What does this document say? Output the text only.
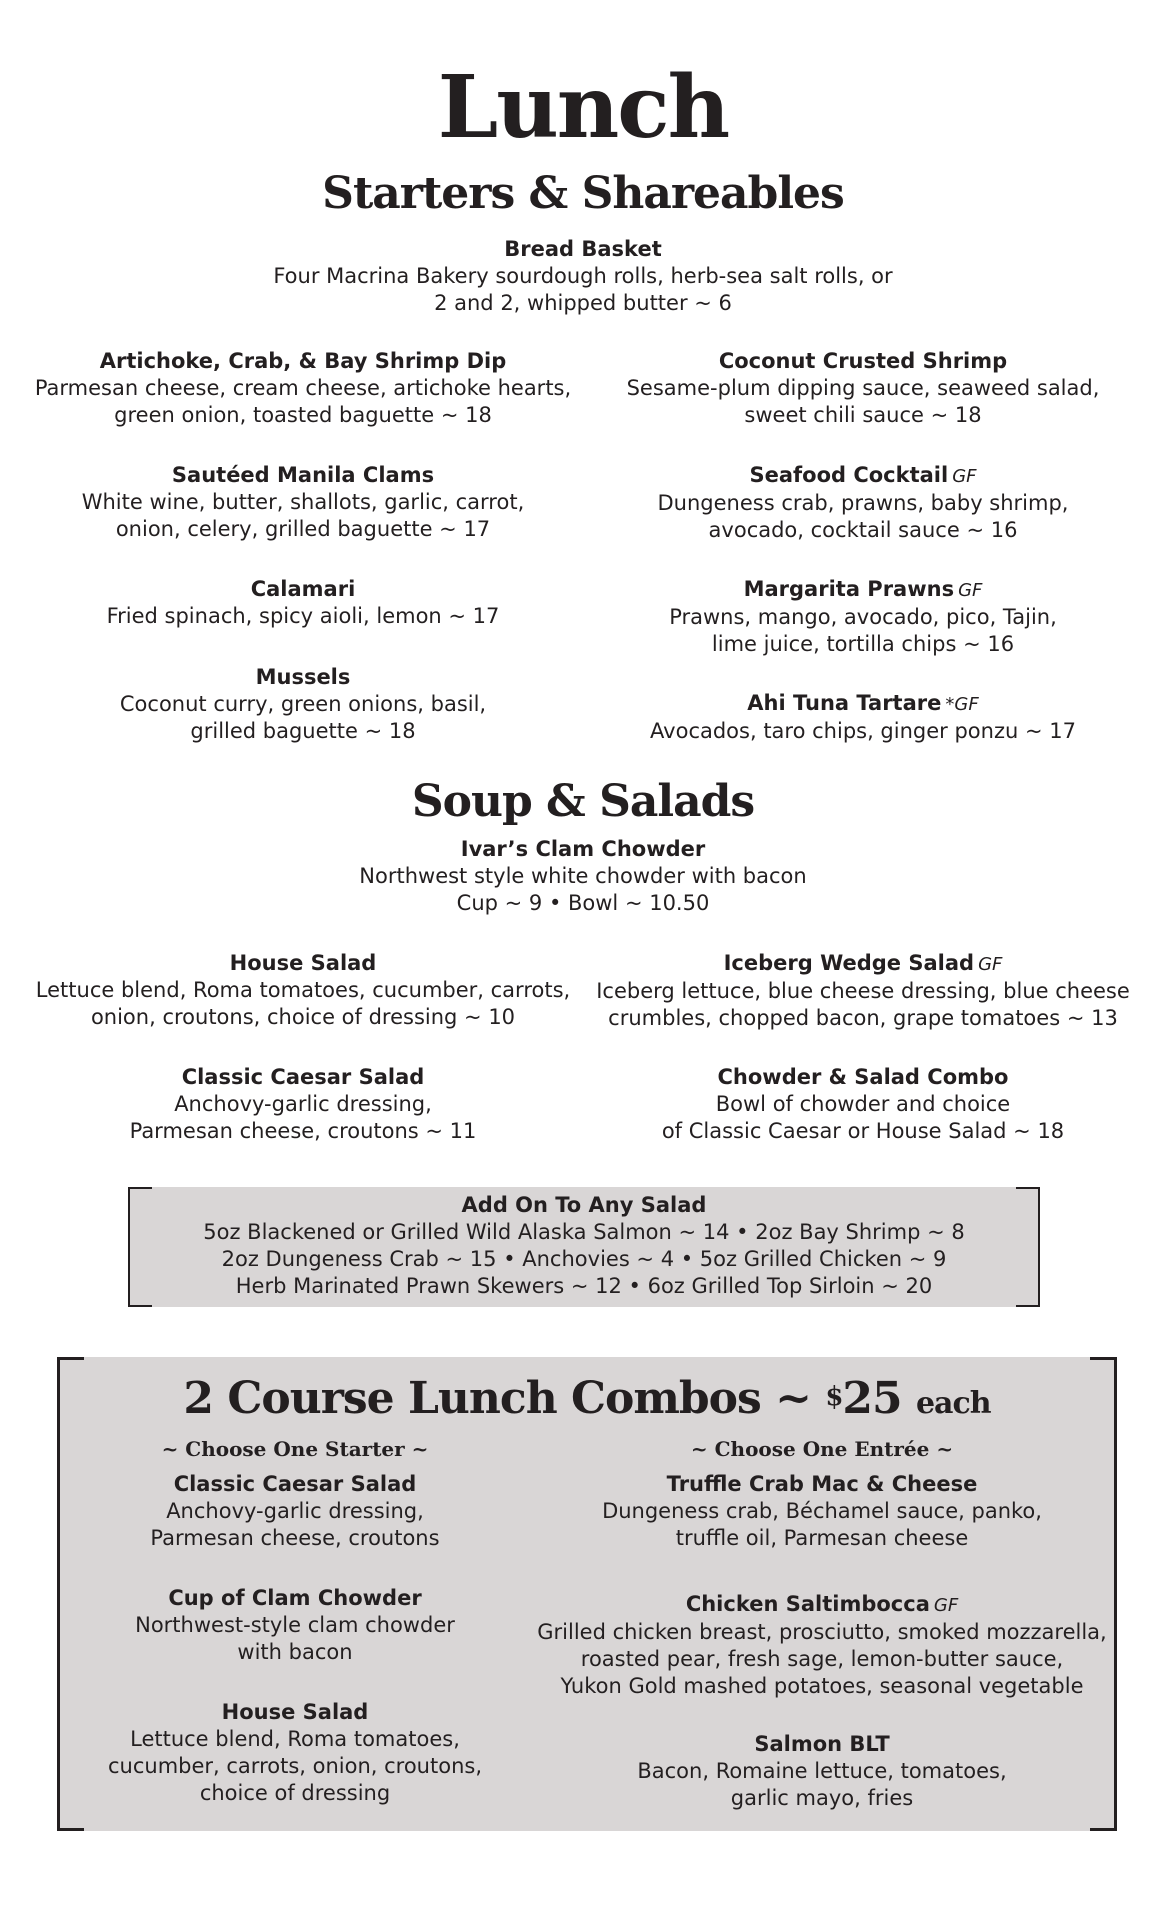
Lunch
Starters & Shareables
Bread Basket
Four Macrina Bakery sourdough rolls, herb-sea salt rolls, or
2 and 2, whipped butter ~ 6
Artichoke, Crab, & Bay Shrimp Dip
Parmesan cheese, cream cheese, artichoke hearts,
green onion, toasted baguette ~ 18
Sautéed Manila Clams
White wine, butter, shallots, garlic, carrot,
onion, celery, grilled baguette ~ 17
Calamari
Fried spinach, spicy aioli, lemon ~ 17
Mussels
Coconut curry, green onions, basil,
grilled baguette ~ 18
Coconut Crusted Shrimp
Sesame-plum dipping sauce, seaweed salad,
sweet chili sauce ~ 18
Seafood Cocktail GF
Dungeness crab, prawns, baby shrimp,
avocado, cocktail sauce ~ 16
Margarita Prawns GF
Prawns, mango, avocado, pico, Tajin,
lime juice, tortilla chips ~ 16
Ahi Tuna Tartare *GF
Avocados, taro chips, ginger ponzu ~ 17
Soup & Salads
Ivar’s Clam Chowder
Northwest style white chowder with bacon
Cup ~ 9 • Bowl ~ 10.50
House Salad
Lettuce blend, Roma tomatoes, cucumber, carrots,
onion, croutons, choice of dressing ~ 10
Classic Caesar Salad
Anchovy-garlic dressing,
Parmesan cheese, croutons ~ 11
Iceberg Wedge Salad GF
Iceberg lettuce, blue cheese dressing, blue cheese
crumbles, chopped bacon, grape tomatoes ~ 13
Chowder & Salad Combo
Bowl of chowder and choice
of Classic Caesar or House Salad ~ 18
Add On To Any Salad
5oz Blackened or Grilled Wild Alaska Salmon ~ 14 • 2oz Bay Shrimp ~ 8
2oz Dungeness Crab ~ 15 • Anchovies ~ 4 • 5oz Grilled Chicken ~ 9
Herb Marinated Prawn Skewers ~ 12 • 6oz Grilled Top Sirloin ~ 20
2 Course Lunch Combos ~ $25 each
~ Choose One Starter ~	~ Choose One Entrée ~
Classic Caesar Salad
Anchovy-garlic dressing,
Parmesan cheese, croutons
Cup of Clam Chowder
Northwest-style clam chowder
with bacon
House Salad
Lettuce blend, Roma tomatoes,
cucumber, carrots, onion, croutons,
choice of dressing
Truffle Crab Mac & Cheese
Dungeness crab, Béchamel sauce, panko,
truffle oil, Parmesan cheese
Chicken Saltimbocca GF
Grilled chicken breast, prosciutto, smoked mozzarella,
roasted pear, fresh sage, lemon-butter sauce,
Yukon Gold mashed potatoes, seasonal vegetable
Salmon BLT
Bacon, Romaine lettuce, tomatoes,
garlic mayo, fries
